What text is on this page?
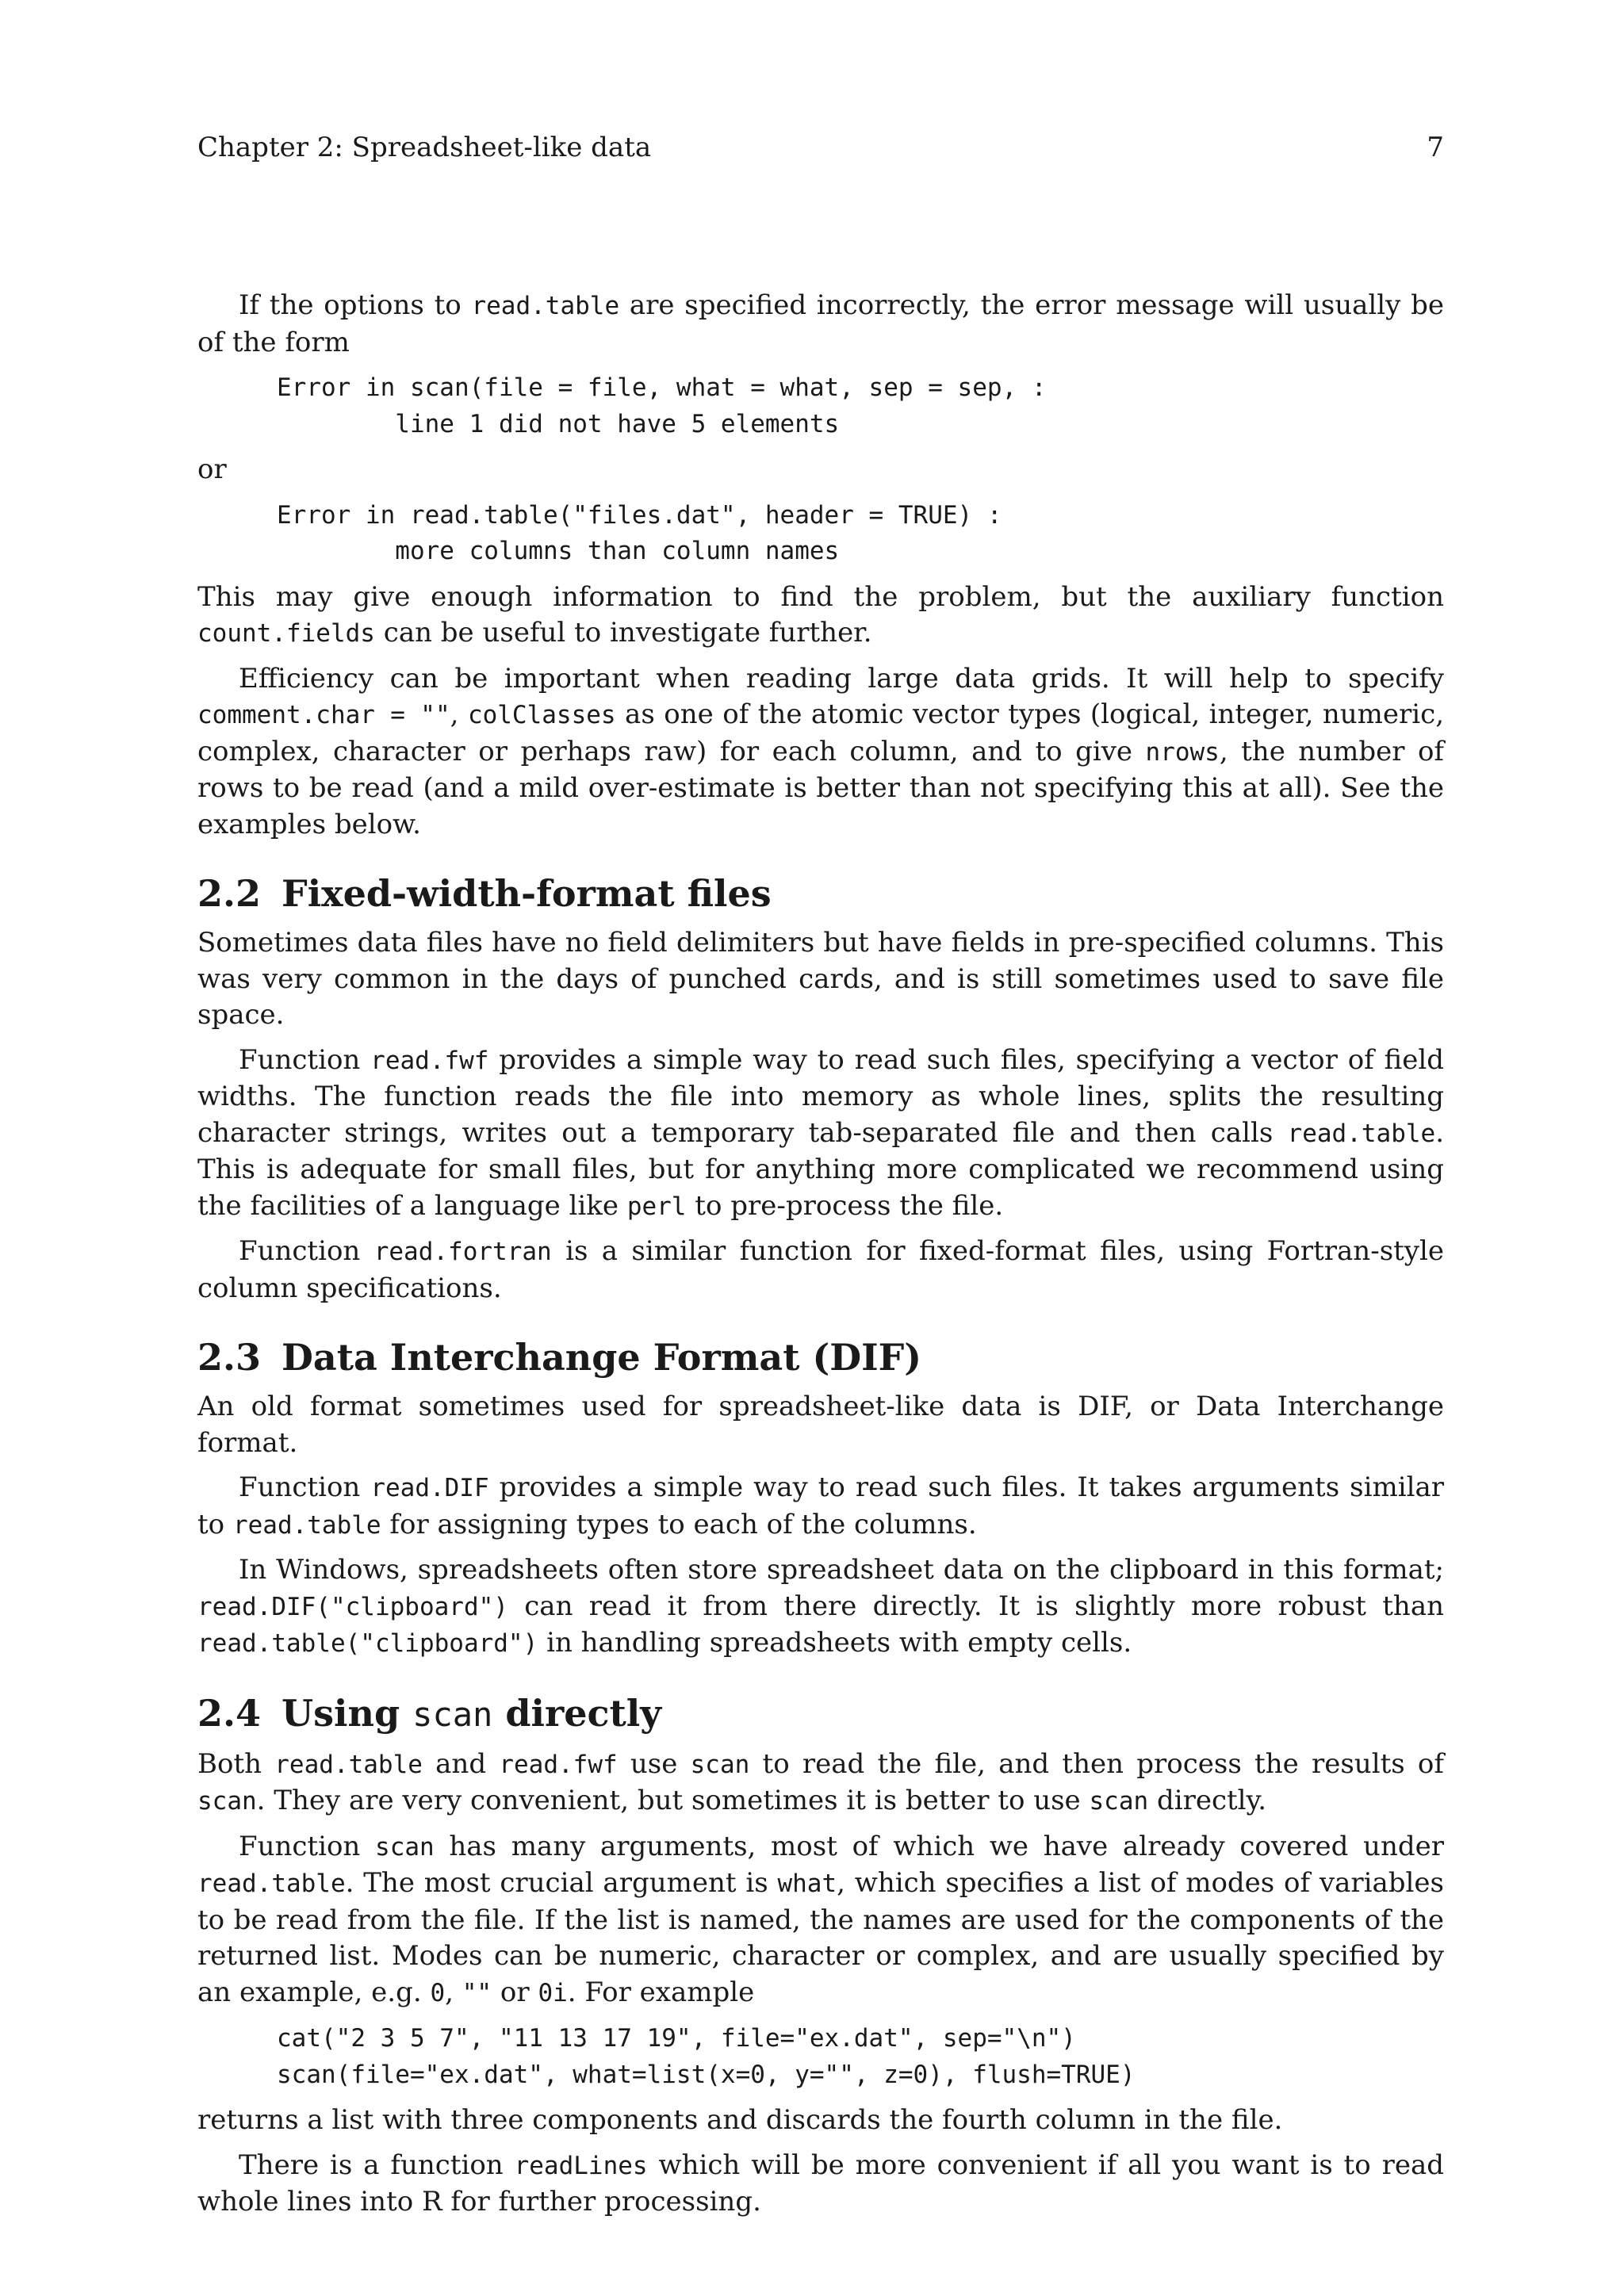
Chapter 2: Spreadsheet-like data	7

If the options to read.table are specified incorrectly, the error message will usually be of the form

Error in scan(file = file, what = what, sep = sep, :
line 1 did not have 5 elements

or

Error in read.table("files.dat", header = TRUE) :
more columns than column names

This may give enough information to find the problem, but the auxiliary function count.fields can be useful to investigate further.

Efficiency can be important when reading large data grids. It will help to specify comment.char = "", colClasses as one of the atomic vector types (logical, integer, numeric, complex, character or perhaps raw) for each column, and to give nrows, the number of rows to be read (and a mild over-estimate is better than not specifying this at all). See the examples below.

2.2 Fixed-width-format files

Sometimes data files have no field delimiters but have fields in pre-specified columns. This was very common in the days of punched cards, and is still sometimes used to save file space.

Function read.fwf provides a simple way to read such files, specifying a vector of field widths. The function reads the file into memory as whole lines, splits the resulting character strings, writes out a temporary tab-separated file and then calls read.table. This is adequate for small files, but for anything more complicated we recommend using the facilities of a language like perl to pre-process the file.

Function read.fortran is a similar function for fixed-format files, using Fortran-style column specifications.

2.3 Data Interchange Format (DIF)

An old format sometimes used for spreadsheet-like data is DIF, or Data Interchange format.

Function read.DIF provides a simple way to read such files. It takes arguments similar to read.table for assigning types to each of the columns.

In Windows, spreadsheets often store spreadsheet data on the clipboard in this format; read.DIF("clipboard") can read it from there directly. It is slightly more robust than read.table("clipboard") in handling spreadsheets with empty cells.

2.4 Using scan directly

Both read.table and read.fwf use scan to read the file, and then process the results of scan. They are very convenient, but sometimes it is better to use scan directly.

Function scan has many arguments, most of which we have already covered under read.table. The most crucial argument is what, which specifies a list of modes of variables to be read from the file. If the list is named, the names are used for the components of the returned list. Modes can be numeric, character or complex, and are usually specified by an example, e.g. 0, "" or 0i. For example

cat("2 3 5 7", "11 13 17 19", file="ex.dat", sep="\n")
scan(file="ex.dat", what=list(x=0, y="", z=0), flush=TRUE)

returns a list with three components and discards the fourth column in the file.

There is a function readLines which will be more convenient if all you want is to read whole lines into R for further processing.
